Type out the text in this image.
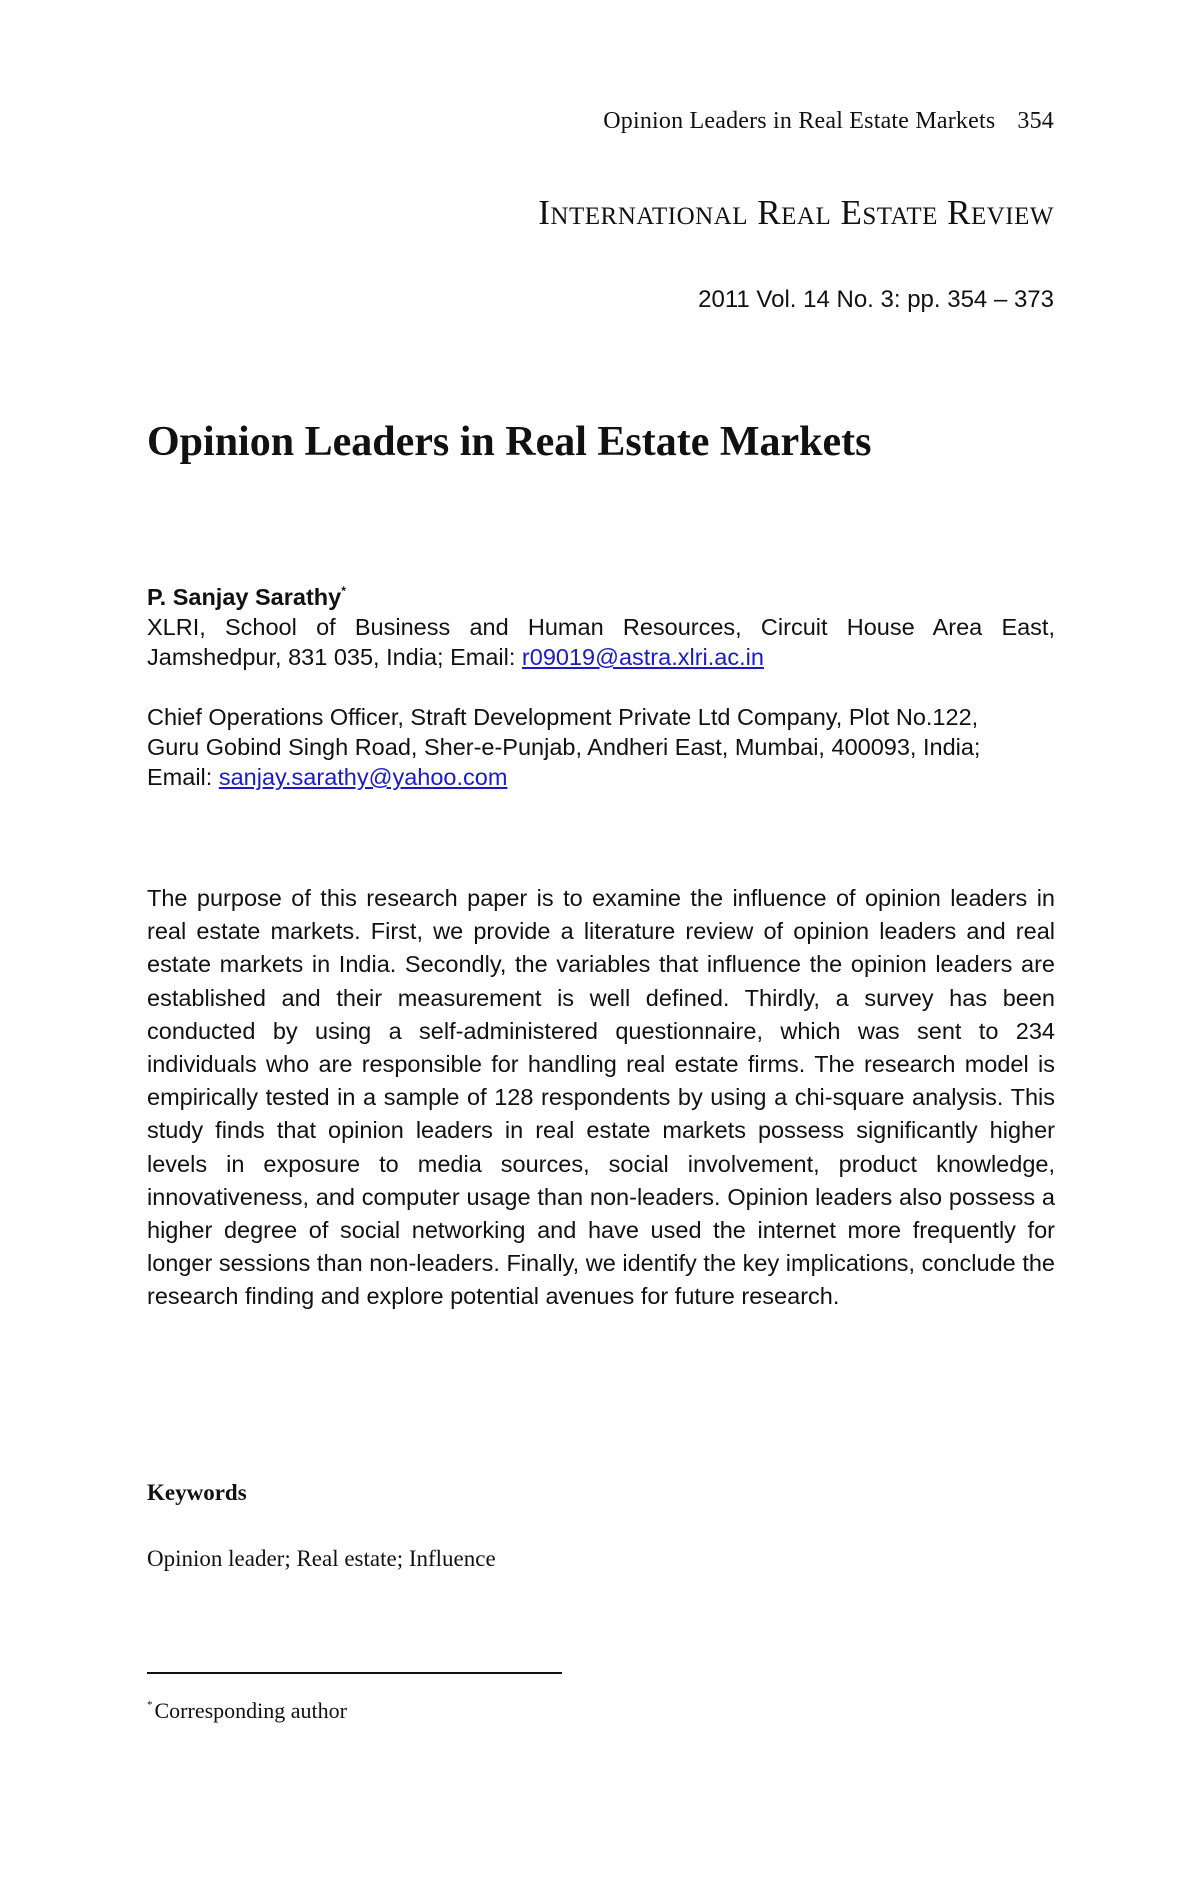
Opinion Leaders in Real Estate Markets 354
International Real Estate Review
2011 Vol. 14 No. 3: pp. 354 – 373
Opinion Leaders in Real Estate Markets

P. Sanjay Sarathy*

XLRI, School of Business and Human Resources, Circuit House Area East, Jamshedpur, 831 035, India; Email: r09019@astra.xlri.ac.in

Chief Operations Officer, Straft Development Private Ltd Company, Plot No.122, Guru Gobind Singh Road, Sher-e-Punjab, Andheri East, Mumbai, 400093, India; Email: sanjay.sarathy@yahoo.com

The purpose of this research paper is to examine the influence of opinion leaders in real estate markets. First, we provide a literature review of opinion leaders and real estate markets in India. Secondly, the variables that influence the opinion leaders are established and their measurement is well defined. Thirdly, a survey has been conducted by using a self-administered questionnaire, which was sent to 234 individuals who are responsible for handling real estate firms. The research model is empirically tested in a sample of 128 respondents by using a chi-square analysis. This study finds that opinion leaders in real estate markets possess significantly higher levels in exposure to media sources, social involvement, product knowledge, innovativeness, and computer usage than non-leaders. Opinion leaders also possess a higher degree of social networking and have used the internet more frequently for longer sessions than non-leaders. Finally, we identify the key implications, conclude the research finding and explore potential avenues for future research.

Keywords

Opinion leader; Real estate; Influence

*Corresponding author
